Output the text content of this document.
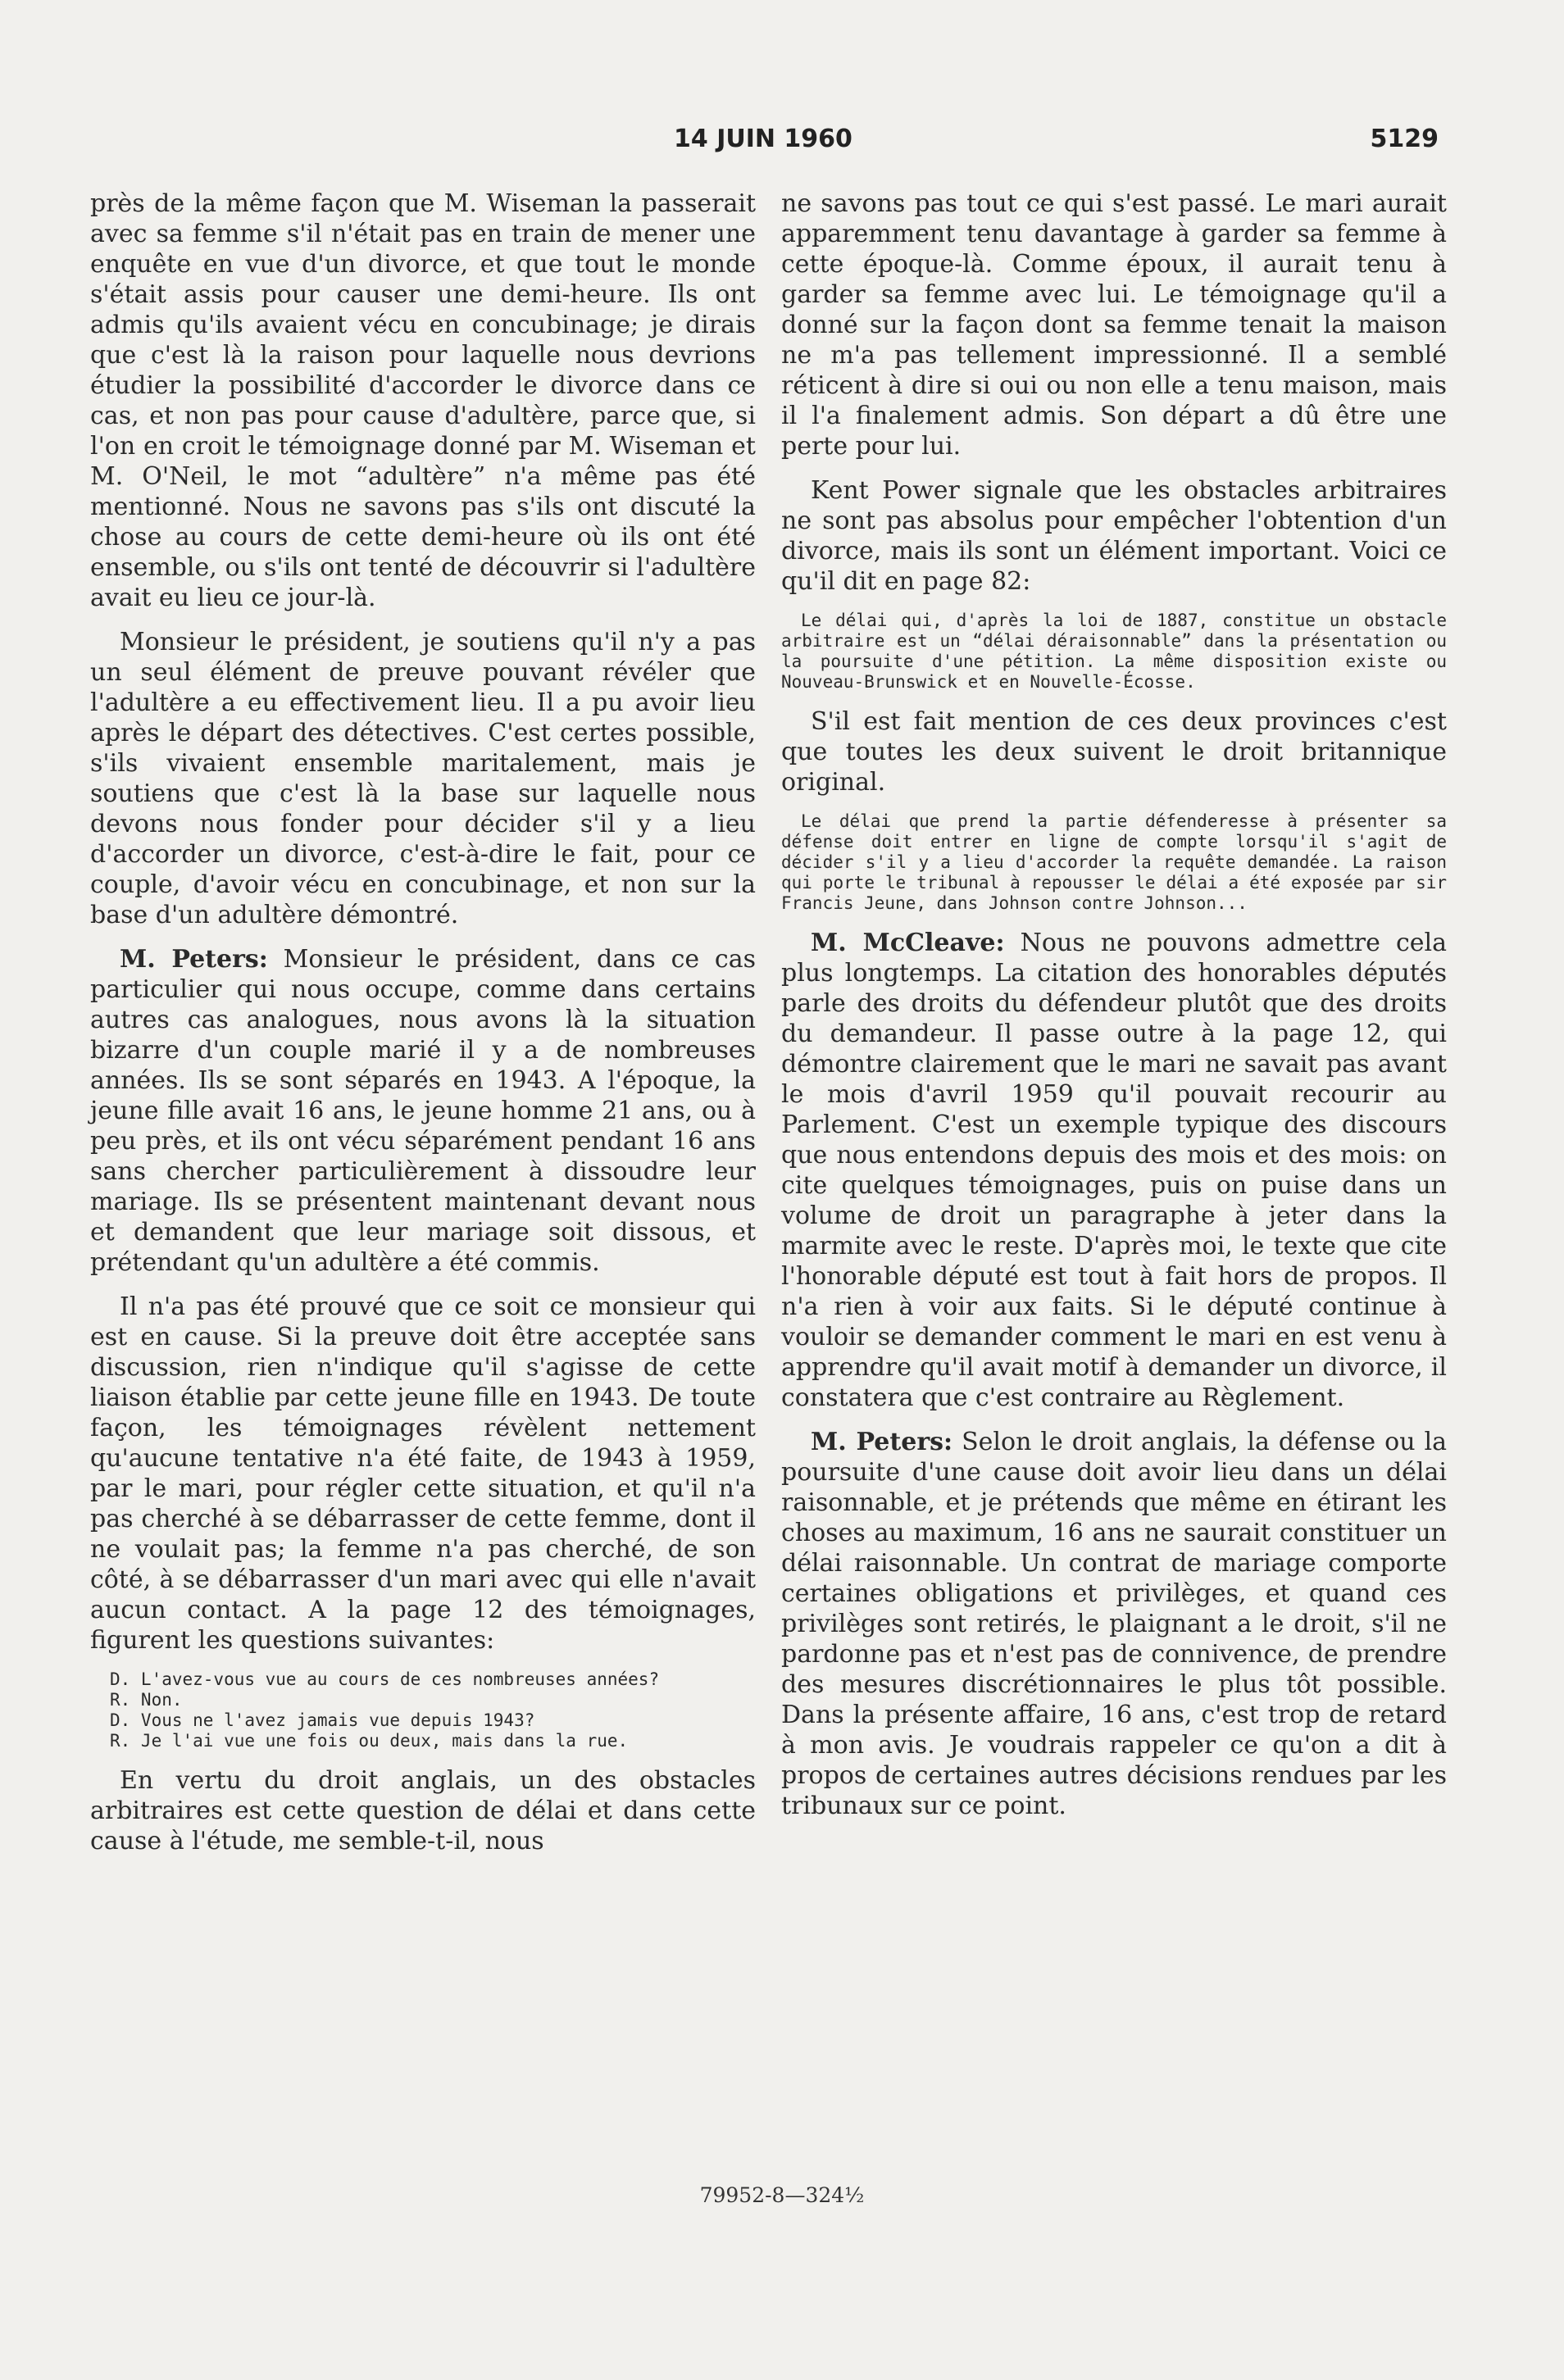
14 JUIN 1960	5129

près de la même façon que M. Wiseman la passerait avec sa femme s'il n'était pas en train de mener une enquête en vue d'un divorce, et que tout le monde s'était assis pour causer une demi-heure. Ils ont admis qu'ils avaient vécu en concubinage; je dirais que c'est là la raison pour laquelle nous devrions étudier la possibilité d'accorder le divorce dans ce cas, et non pas pour cause d'adultère, parce que, si l'on en croit le témoignage donné par M. Wiseman et M. O'Neil, le mot “adultère” n'a même pas été mentionné. Nous ne savons pas s'ils ont discuté la chose au cours de cette demi-heure où ils ont été ensemble, ou s'ils ont tenté de découvrir si l'adultère avait eu lieu ce jour-là.

Monsieur le président, je soutiens qu'il n'y a pas un seul élément de preuve pouvant révéler que l'adultère a eu effectivement lieu. Il a pu avoir lieu après le départ des détectives. C'est certes possible, s'ils vivaient ensemble maritalement, mais je soutiens que c'est là la base sur laquelle nous devons nous fonder pour décider s'il y a lieu d'accorder un divorce, c'est-à-dire le fait, pour ce couple, d'avoir vécu en concubinage, et non sur la base d'un adultère démontré.

M. Peters: Monsieur le président, dans ce cas particulier qui nous occupe, comme dans certains autres cas analogues, nous avons là la situation bizarre d'un couple marié il y a de nombreuses années. Ils se sont séparés en 1943. A l'époque, la jeune fille avait 16 ans, le jeune homme 21 ans, ou à peu près, et ils ont vécu séparément pendant 16 ans sans chercher particulièrement à dissoudre leur mariage. Ils se présentent maintenant devant nous et demandent que leur mariage soit dissous, et prétendant qu'un adultère a été commis.

Il n'a pas été prouvé que ce soit ce monsieur qui est en cause. Si la preuve doit être acceptée sans discussion, rien n'indique qu'il s'agisse de cette liaison établie par cette jeune fille en 1943. De toute façon, les témoignages révèlent nettement qu'aucune tentative n'a été faite, de 1943 à 1959, par le mari, pour régler cette situation, et qu'il n'a pas cherché à se débarrasser de cette femme, dont il ne voulait pas; la femme n'a pas cherché, de son côté, à se débarrasser d'un mari avec qui elle n'avait aucun contact. A la page 12 des témoignages, figurent les questions suivantes:

D. L'avez-vous vue au cours de ces nombreuses années?

R. Non.

D. Vous ne l'avez jamais vue depuis 1943?

R. Je l'ai vue une fois ou deux, mais dans la rue.

En vertu du droit anglais, un des obstacles arbitraires est cette question de délai et dans cette cause à l'étude, me semble-t-il, nous

ne savons pas tout ce qui s'est passé. Le mari aurait apparemment tenu davantage à garder sa femme à cette époque-là. Comme époux, il aurait tenu à garder sa femme avec lui. Le témoignage qu'il a donné sur la façon dont sa femme tenait la maison ne m'a pas tellement impressionné. Il a semblé réticent à dire si oui ou non elle a tenu maison, mais il l'a finalement admis. Son départ a dû être une perte pour lui.

Kent Power signale que les obstacles arbitraires ne sont pas absolus pour empêcher l'obtention d'un divorce, mais ils sont un élément important. Voici ce qu'il dit en page 82:

Le délai qui, d'après la loi de 1887, constitue un obstacle arbitraire est un “délai déraisonnable” dans la présentation ou la poursuite d'une pétition. La même disposition existe ou Nouveau-Brunswick et en Nouvelle-Écosse.

S'il est fait mention de ces deux provinces c'est que toutes les deux suivent le droit britannique original.

Le délai que prend la partie défenderesse à présenter sa défense doit entrer en ligne de compte lorsqu'il s'agit de décider s'il y a lieu d'accorder la requête demandée. La raison qui porte le tribunal à repousser le délai a été exposée par sir Francis Jeune, dans Johnson contre Johnson...

M. McCleave: Nous ne pouvons admettre cela plus longtemps. La citation des honorables députés parle des droits du défendeur plutôt que des droits du demandeur. Il passe outre à la page 12, qui démontre clairement que le mari ne savait pas avant le mois d'avril 1959 qu'il pouvait recourir au Parlement. C'est un exemple typique des discours que nous entendons depuis des mois et des mois: on cite quelques témoignages, puis on puise dans un volume de droit un paragraphe à jeter dans la marmite avec le reste. D'après moi, le texte que cite l'honorable député est tout à fait hors de propos. Il n'a rien à voir aux faits. Si le député continue à vouloir se demander comment le mari en est venu à apprendre qu'il avait motif à demander un divorce, il constatera que c'est contraire au Règlement.

M. Peters: Selon le droit anglais, la défense ou la poursuite d'une cause doit avoir lieu dans un délai raisonnable, et je prétends que même en étirant les choses au maximum, 16 ans ne saurait constituer un délai raisonnable. Un contrat de mariage comporte certaines obligations et privilèges, et quand ces privilèges sont retirés, le plaignant a le droit, s'il ne pardonne pas et n'est pas de connivence, de prendre des mesures discrétionnaires le plus tôt possible. Dans la présente affaire, 16 ans, c'est trop de retard à mon avis. Je voudrais rappeler ce qu'on a dit à propos de certaines autres décisions rendues par les tribunaux sur ce point.

79952-8—324½
